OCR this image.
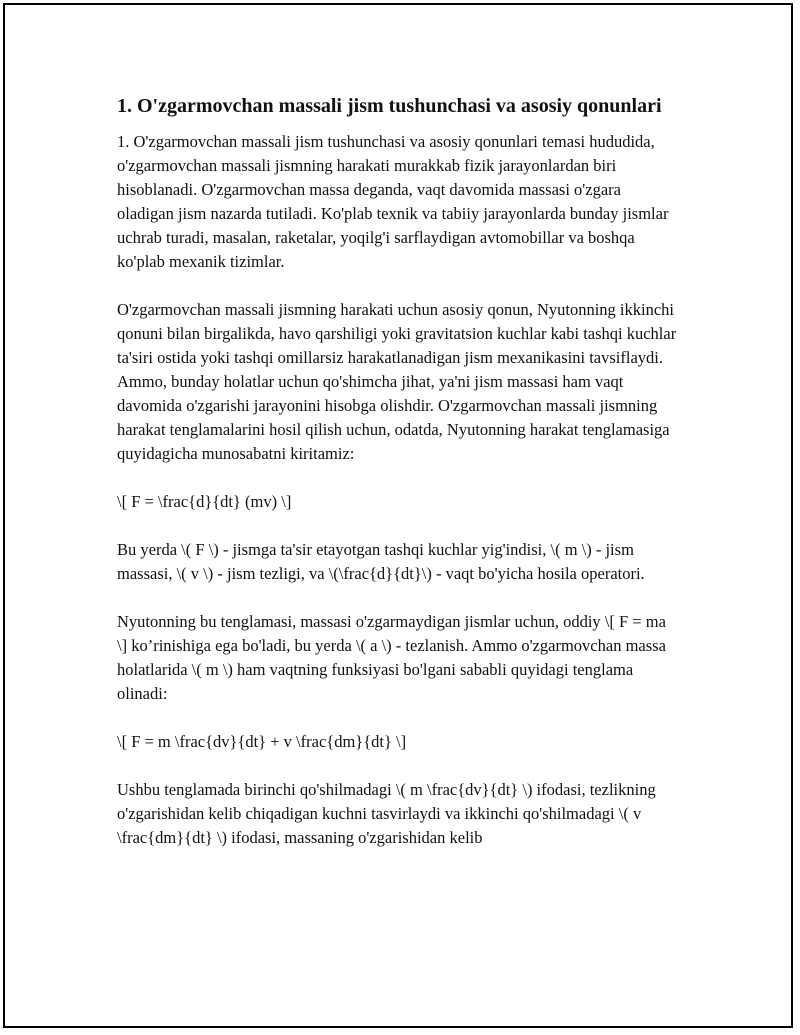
1. O'zgarmovchan massali jism tushunchasi va asosiy qonunlari

1. O'zgarmovchan massali jism tushunchasi va asosiy qonunlari temasi hududida, o'zgarmovchan massali jismning harakati murakkab fizik jarayonlardan biri hisoblanadi. O'zgarmovchan massa deganda, vaqt davomida massasi o'zgara oladigan jism nazarda tutiladi. Ko'plab texnik va tabiiy jarayonlarda bunday jismlar uchrab turadi, masalan, raketalar, yoqilg'i sarflaydigan avtomobillar va boshqa ko'plab mexanik tizimlar.

O'zgarmovchan massali jismning harakati uchun asosiy qonun, Nyutonning ikkinchi qonuni bilan birgalikda, havo qarshiligi yoki gravitatsion kuchlar kabi tashqi kuchlar ta'siri ostida yoki tashqi omillarsiz harakatlanadigan jism mexanikasini tavsiflaydi. Ammo, bunday holatlar uchun qo'shimcha jihat, ya'ni jism massasi ham vaqt davomida o'zgarishi jarayonini hisobga olishdir. O'zgarmovchan massali jismning harakat tenglamalarini hosil qilish uchun, odatda, Nyutonning harakat tenglamasiga quyidagicha munosabatni kiritamiz:

\[ F = \frac{d}{dt} (mv) \]

Bu yerda \( F \) - jismga ta'sir etayotgan tashqi kuchlar yig'indisi, \( m \) - jism massasi, \( v \) - jism tezligi, va \(\frac{d}{dt}\) - vaqt bo'yicha hosila operatori.

Nyutonning bu tenglamasi, massasi o'zgarmaydigan jismlar uchun, oddiy \[ F = ma \] ko’rinishiga ega bo'ladi, bu yerda \( a \) - tezlanish. Ammo o'zgarmovchan massa holatlarida \( m \) ham vaqtning funksiyasi bo'lgani sababli quyidagi tenglama olinadi:

\[ F = m \frac{dv}{dt} + v \frac{dm}{dt} \]

Ushbu tenglamada birinchi qo'shilmadagi \( m \frac{dv}{dt} \) ifodasi, tezlikning o'zgarishidan kelib chiqadigan kuchni tasvirlaydi va ikkinchi qo'shilmadagi \( v \frac{dm}{dt} \) ifodasi, massaning o'zgarishidan kelib
